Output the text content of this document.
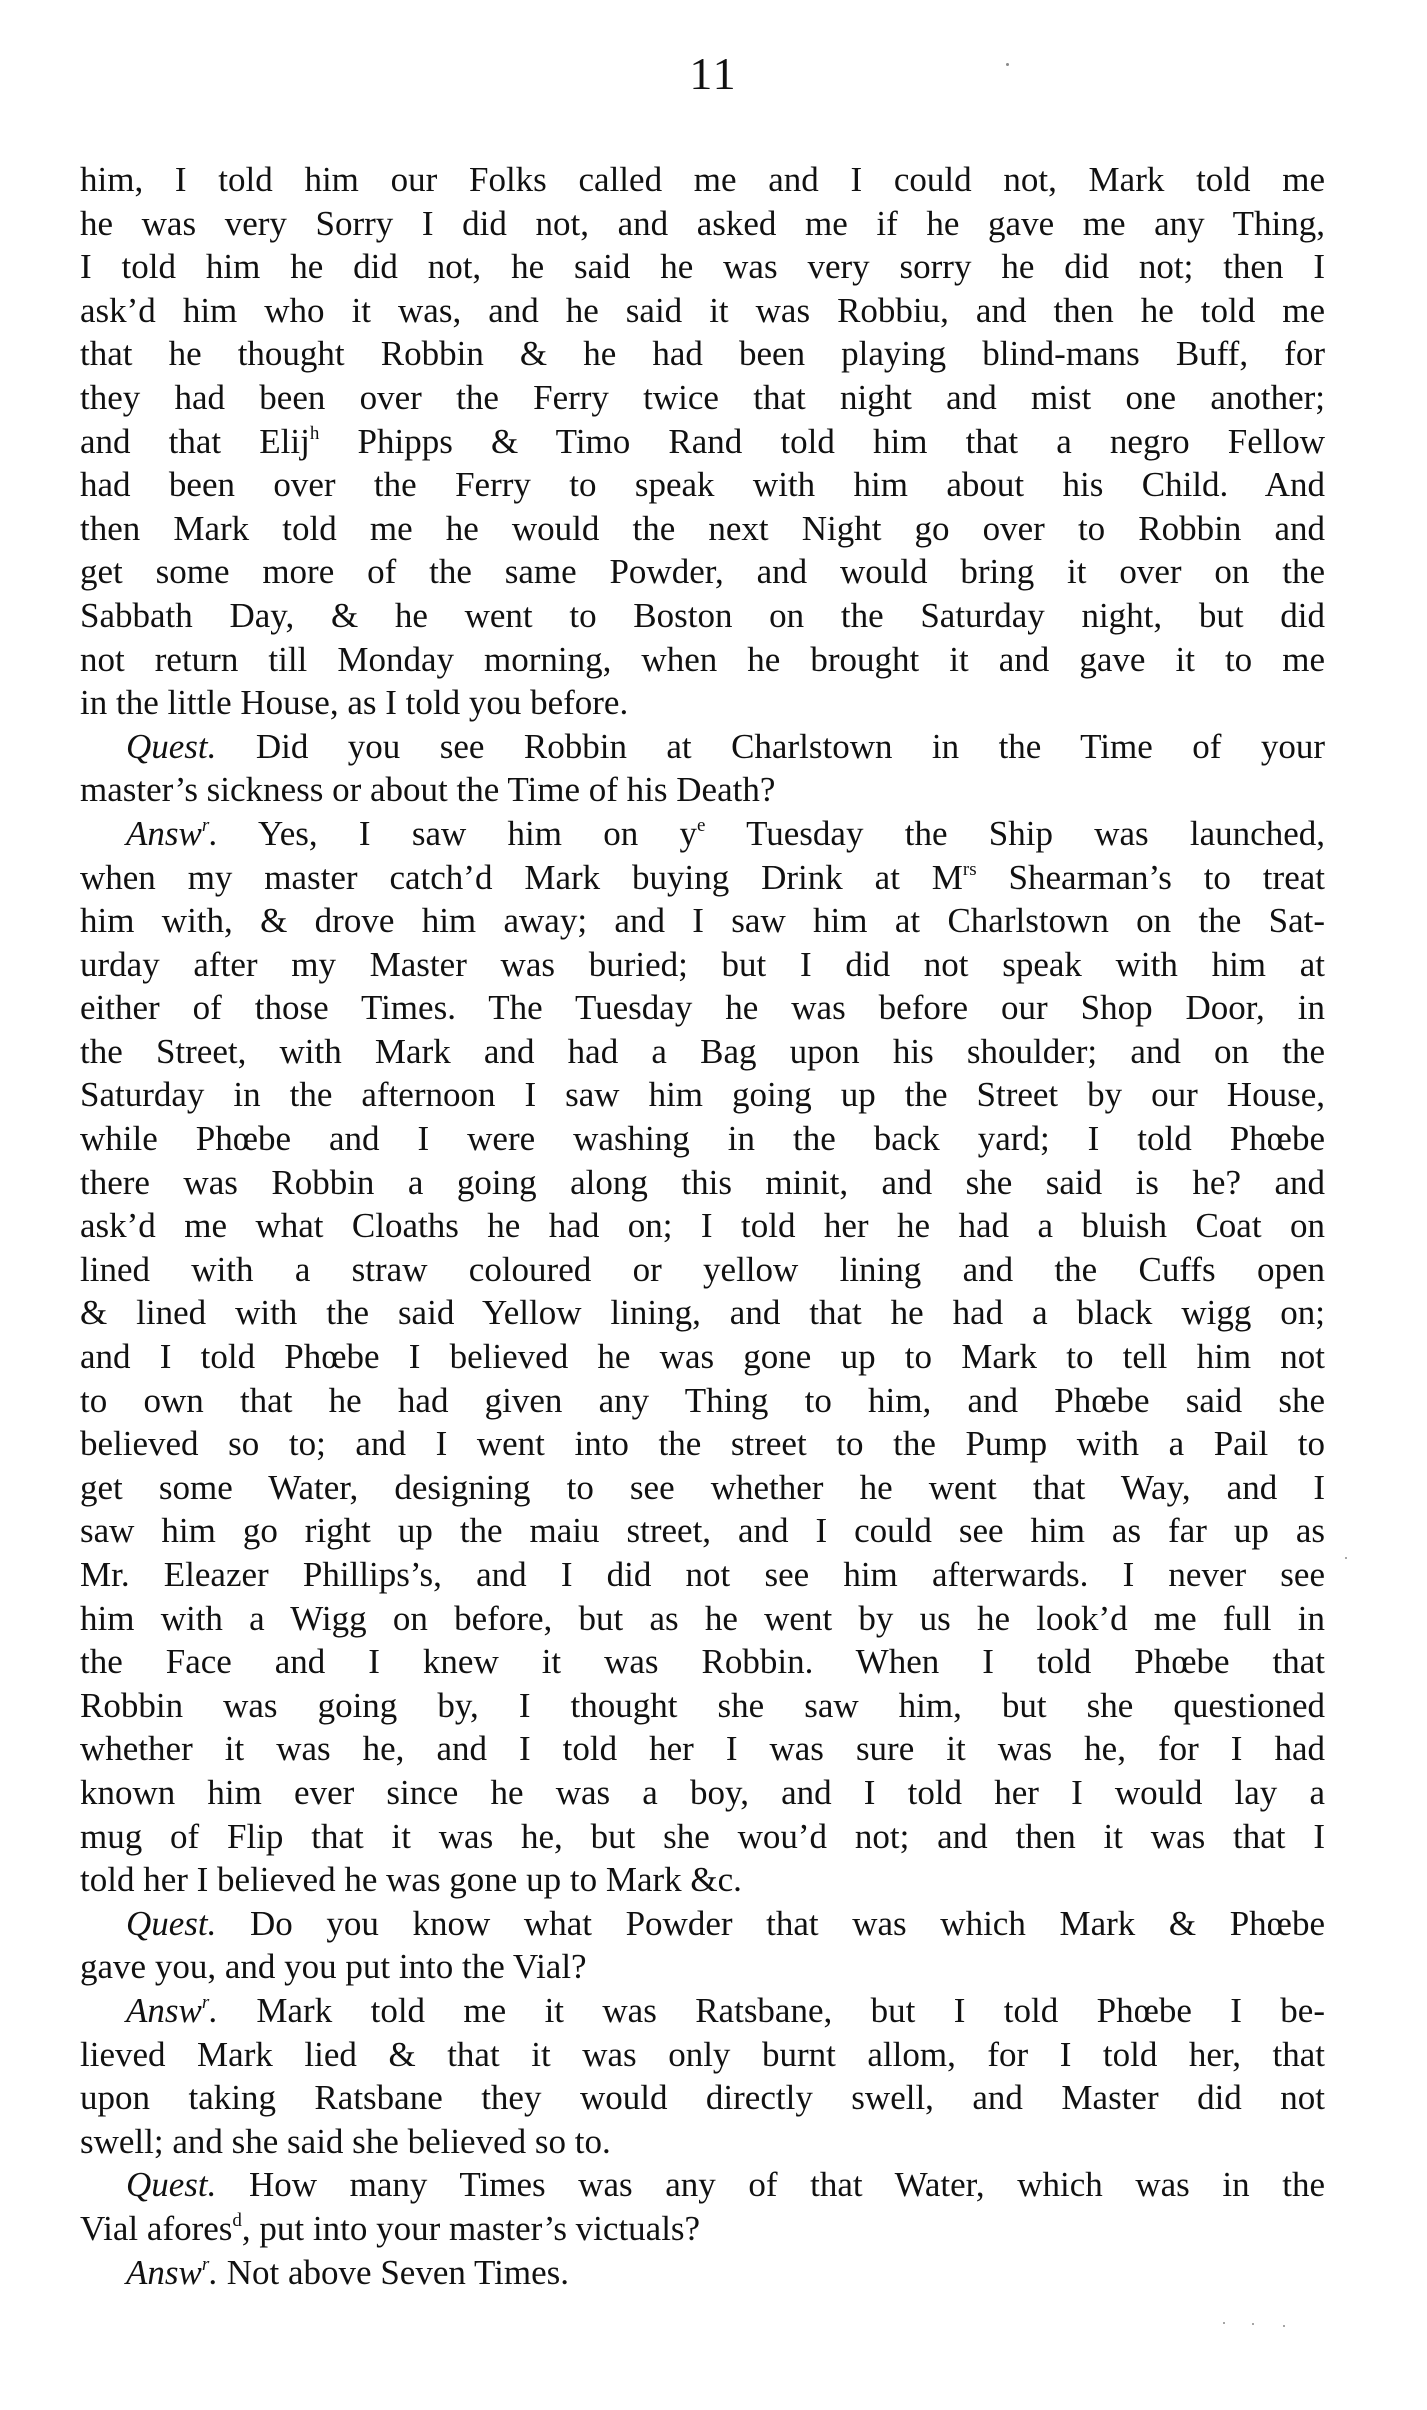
11
him, I told him our Folks called me and I could not, Mark told me
he was very Sorry I did not, and asked me if he gave me any Thing,
I told him he did not, he said he was very sorry he did not; then I
ask’d him who it was, and he said it was Robbiu, and then he told me
that he thought Robbin & he had been playing blind-mans Buff, for
they had been over the Ferry twice that night and mist one another;
and that Elij$^h$ Phipps & Timo Rand told him that a negro Fellow
had been over the Ferry to speak with him about his Child. And
then Mark told me he would the next Night go over to Robbin and
get some more of the same Powder, and would bring it over on the
Sabbath Day, & he went to Boston on the Saturday night, but did
not return till Monday morning, when he brought it and gave it to me
in the little House, as I told you before.
Quest. Did you see Robbin at Charlstown in the Time of your
master’s sickness or about the Time of his Death?
Answ$^r$. Yes, I saw him on $y^e$ Tuesday the Ship was launched,
when my master catch’d Mark buying Drink at $M^{rs}$ Shearman’s to treat
him with, & drove him away; and I saw him at Charlstown on the Sat-
urday after my Master was buried; but I did not speak with him at
either of those Times. The Tuesday he was before our Shop Door, in
the Street, with Mark and had a Bag upon his shoulder; and on the
Saturday in the afternoon I saw him going up the Street by our House,
while Phœbe and I were washing in the back yard; I told Phœbe
there was Robbin a going along this minit, and she said is he? and
ask’d me what Cloaths he had on; I told her he had a bluish Coat on
lined with a straw coloured or yellow lining and the Cuffs open
& lined with the said Yellow lining, and that he had a black wigg on;
and I told Phœbe I believed he was gone up to Mark to tell him not
to own that he had given any Thing to him, and Phœbe said she
believed so to; and I went into the street to the Pump with a Pail to
get some Water, designing to see whether he went that Way, and I
saw him go right up the maiu street, and I could see him as far up as
Mr. Eleazer Phillips’s, and I did not see him afterwards. I never see
him with a Wigg on before, but as he went by us he look’d me full in
the Face and I knew it was Robbin. When I told Phœbe that
Robbin was going by, I thought she saw him, but she questioned
whether it was he, and I told her I was sure it was he, for I had
known him ever since he was a boy, and I told her I would lay a
mug of Flip that it was he, but she wou’d not; and then it was that I
told her I believed he was gone up to Mark &c.
Quest. Do you know what Powder that was which Mark & Phœbe
gave you, and you put into the Vial?
Answ$^r$. Mark told me it was Ratsbane, but I told Phœbe I be-
lieved Mark lied & that it was only burnt allom, for I told her, that
upon taking Ratsbane they would directly swell, and Master did not
swell; and she said she believed so to.
Quest. How many Times was any of that Water, which was in the
Vial afores$^d$, put into your master’s victuals?
Answ$^r$. Not above Seven Times.
